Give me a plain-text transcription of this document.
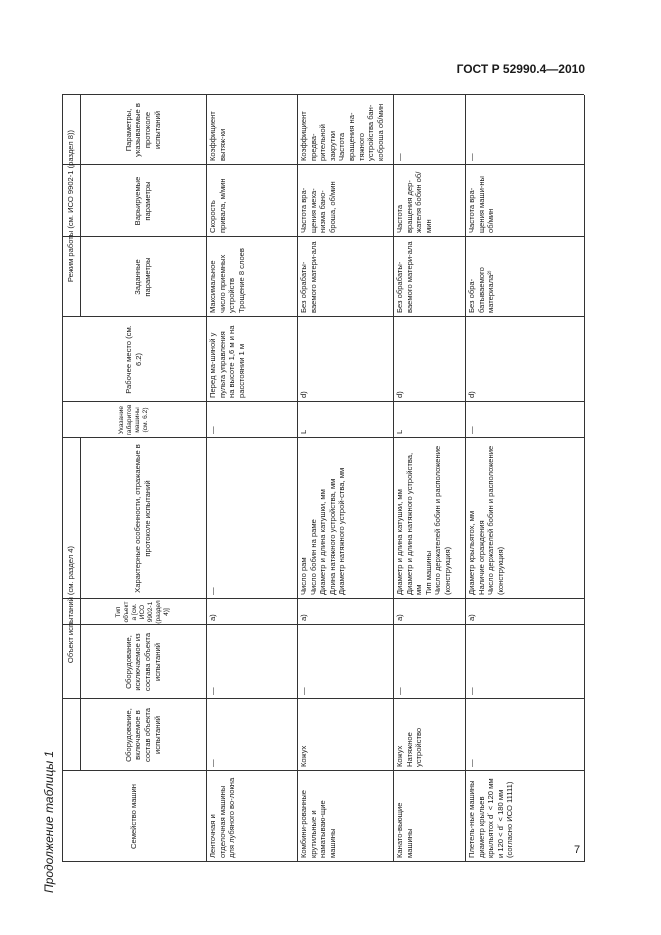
ГОСТ Р 52990.4—2010
Продолжение таблицы 1
Объект испытаний (см. раздел 4)
Режим работы (см. ИСО 9902-1 (раздел 8))
Семейство машин
Оборудование, включаемое в состав объекта испытаний
Оборудование, исключаемое из состава объекта испытаний
Тип объекта [см. ИСО 9902-1 (раздел 4)]
Характерные особенности, отражаемые в протоколе испытаний
Указание габаритов машины (см. 6.2)
Рабочее место (см. 6.2)
Заданные параметры
Варьируемые параметры
Параметры, указываемые в протоколе испытаний
Ленточная и отделочная машины для лубяного во-локна
—
—
а)
—
—
Перед ма-шиной у пульта управления на высоте 1,6 м и на расстоянии 1 м
Максимальное число приемных устройств
Трощение 8 слоев
Скорость привала, м/мин
Коэффициент вытяж-ки
Комбини-рованные крутильные и наматываю-щие машины
Кожух
—
а)
Число рам
Число бобин на раме
Диаметр и длина катушки, мм
Длина натяжного устройства, мм
Диаметр натяжного устрой-ства, мм
L
d)
Без обрабаты-ваемого матери-ала
Частота вра-щения меха-низма бано-броша, об/мин
Коэффициент предва-рительной закрутки
Частота вращения на-тяжного устройства бан-коброша об/мин
Канато-вьющие машины
Кожух
Натяжное устройство
—
а)
Диаметр и длина катушки, мм
Диаметр и длина натяжного устройства, мм
Тип машины
Число держателей бобин и расположение (конструкция)
L
d)
Без обрабаты-ваемого матери-ала
Частота вращения дер-жателя бобин об/мин
—
Плетель-ные машины диаметр крыльев крыльятох d´ < 120 мм и 120 < d´ < 180 мм (согласно ИСО 11111)
—
—
а)
Диаметр крыльятох, мм
Наличие ограждения
Число держателей бобин и расположение (конструкция)
—
d)
Без обра-батываемого материала²⁾
Частота вра-щения маши-ны об/мин
—
7
